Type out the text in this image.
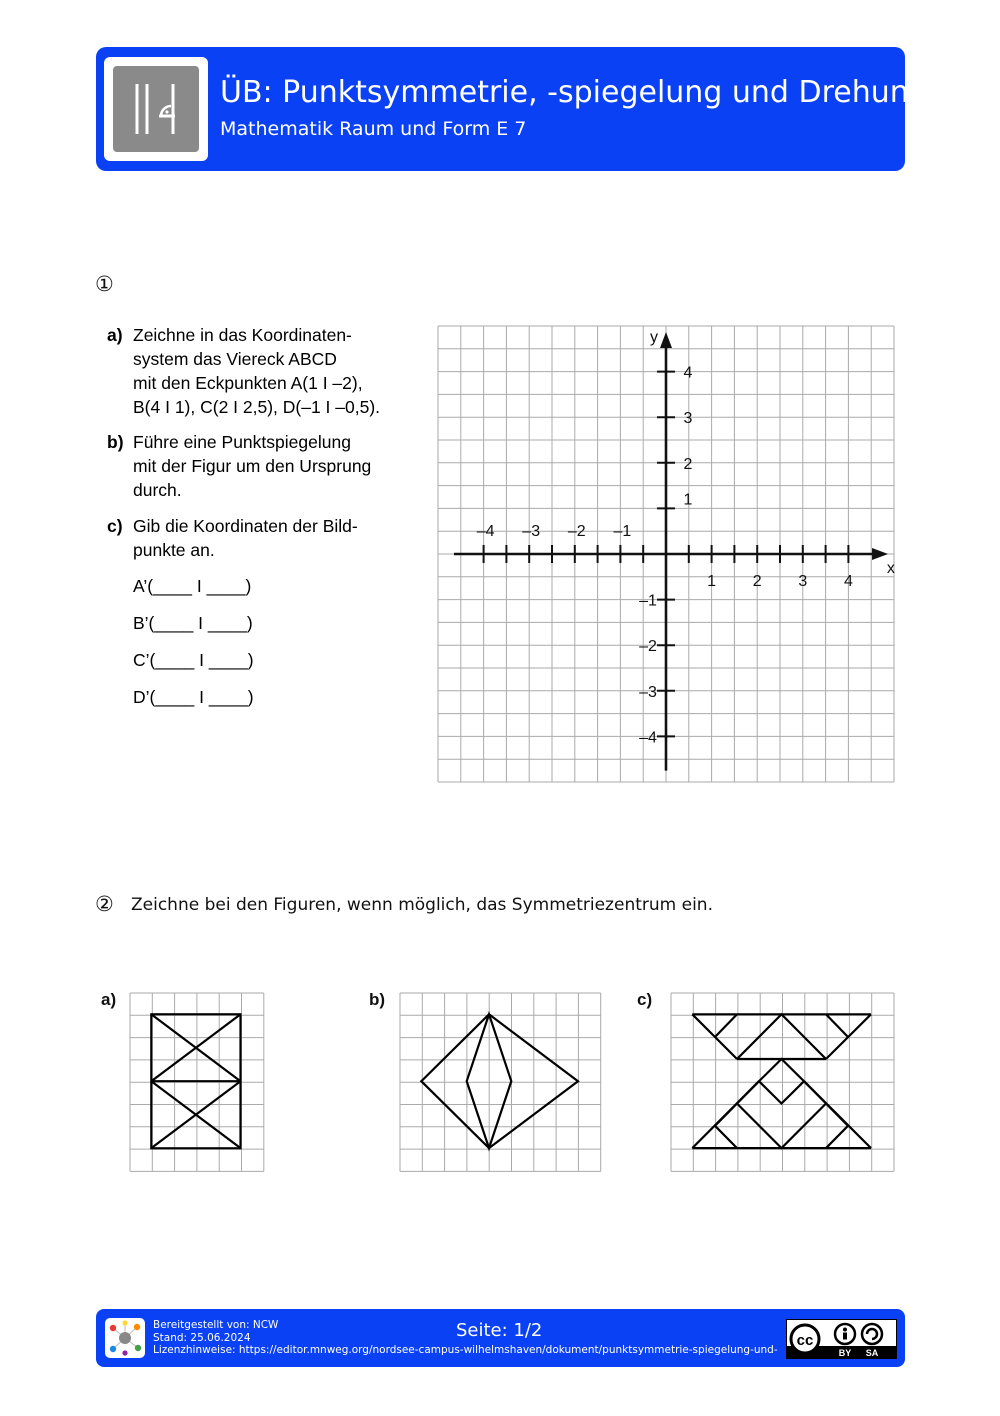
ÜB: Punktsymmetrie, -spiegelung und Drehung
Mathematik Raum und Form E 7
①
a) Zeichne in das Koordinaten-
system das Viereck ABCD
mit den Eckpunkten A(1 I –2),
B(4 I 1), C(2 I 2,5), D(–1 I –0,5).
b) Führe eine Punktspiegelung
mit der Figur um den Ursprung
durch.
c) Gib die Koordinaten der Bild-
punkte an.
A’(____ I ____)
B’(____ I ____)
C’(____ I ____)
D’(____ I ____)
–4 –3 –2 –1
1 2 3 4
4
3
2
1
–1
–2
–3
–4
x
y
② Zeichne bei den Figuren, wenn möglich, das Symmetriezentrum ein.
a)	b)	c)
Bereitgestellt von: NCW
Stand: 25.06.2024
Lizenzhinweise: https://editor.mnweg.org/nordsee-campus-wilhelmshaven/dokument/punktsymmetrie-spiegelung-und-
Seite: 1/2	cc
BY SA
